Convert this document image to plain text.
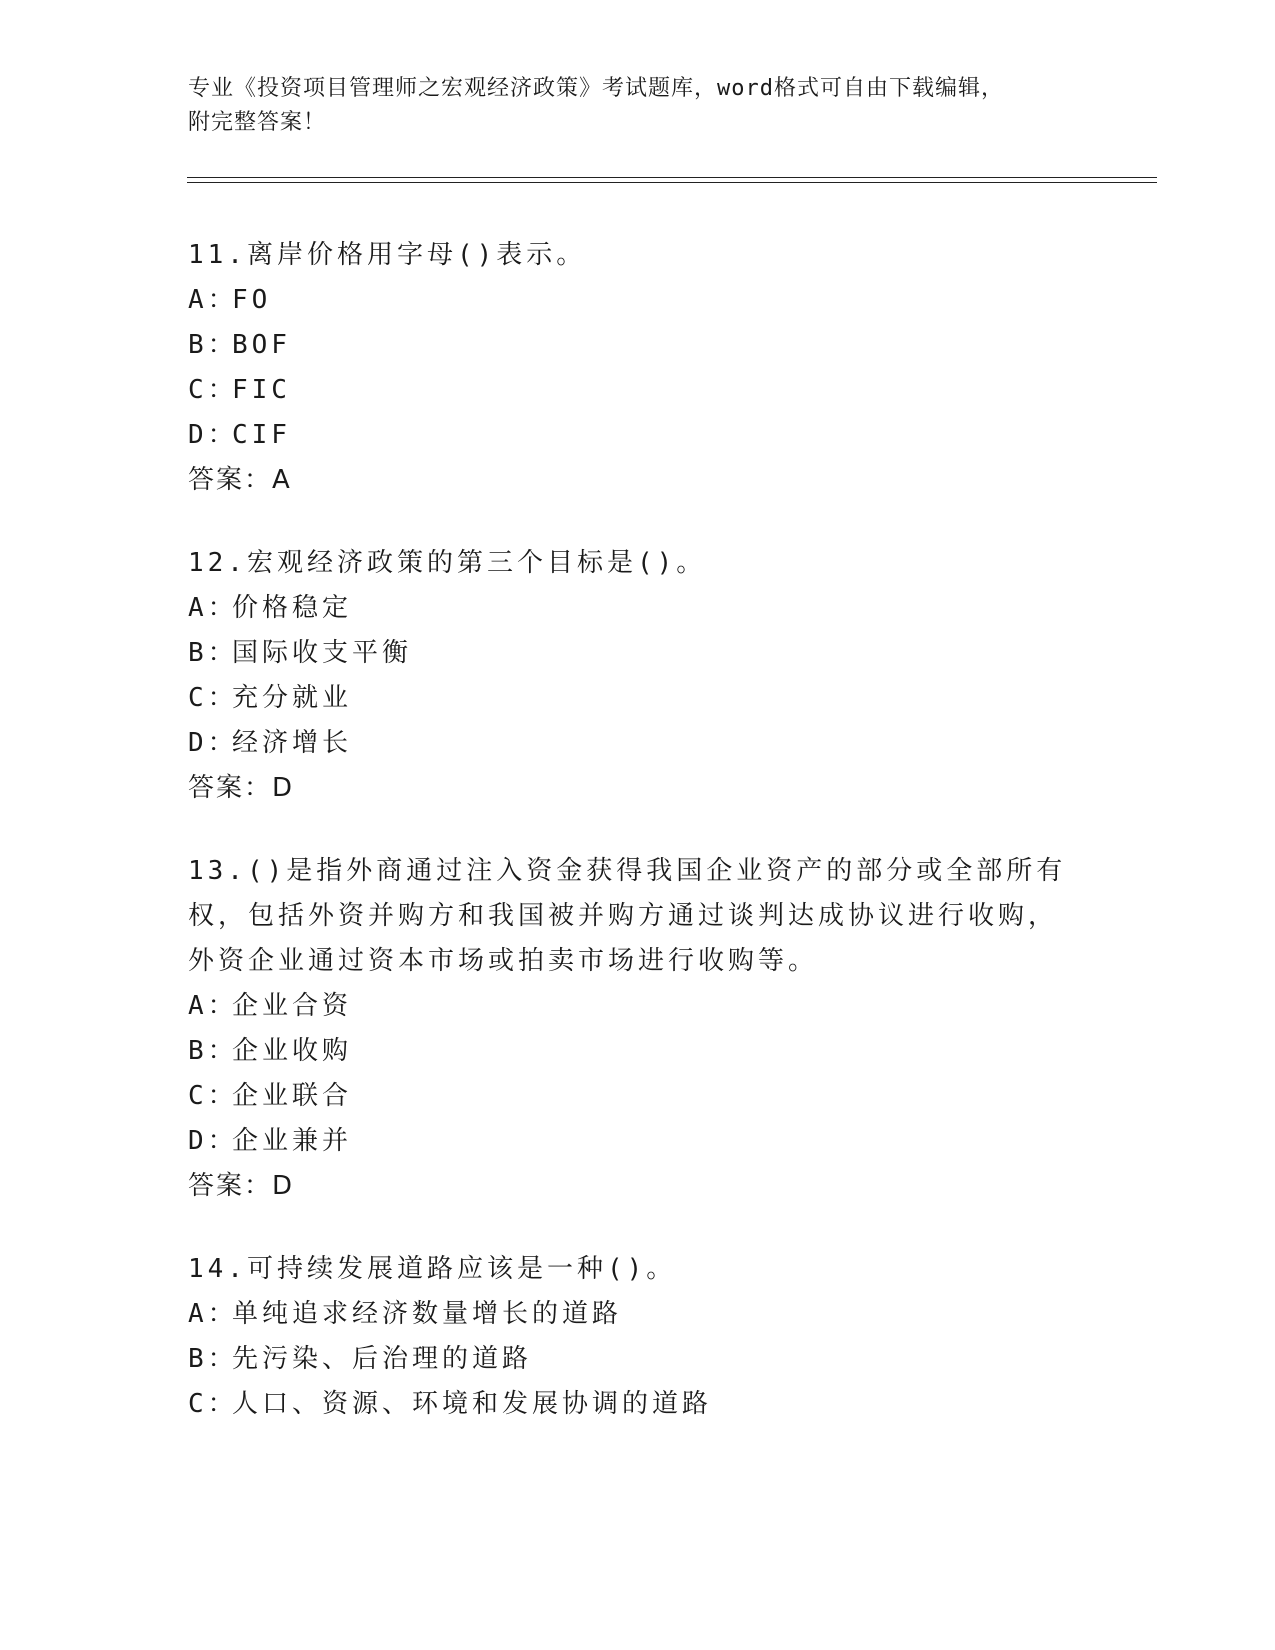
专业《投资项目管理师之宏观经济政策》考试题库，word格式可自由下载编辑，
附完整答案！
11.离岸价格用字母()表示。
A：FO
B：BOF
C：FIC
D：CIF
答案：A
12.宏观经济政策的第三个目标是()。
A：价格稳定
B：国际收支平衡
C：充分就业
D：经济增长
答案：D
13.()是指外商通过注入资金获得我国企业资产的部分或全部所有权，包括外资并购方和我国被并购方通过谈判达成协议进行收购，外资企业通过资本市场或拍卖市场进行收购等。
A：企业合资
B：企业收购
C：企业联合
D：企业兼并
答案：D
14.可持续发展道路应该是一种()。
A：单纯追求经济数量增长的道路
B：先污染、后治理的道路
C：人口、资源、环境和发展协调的道路
